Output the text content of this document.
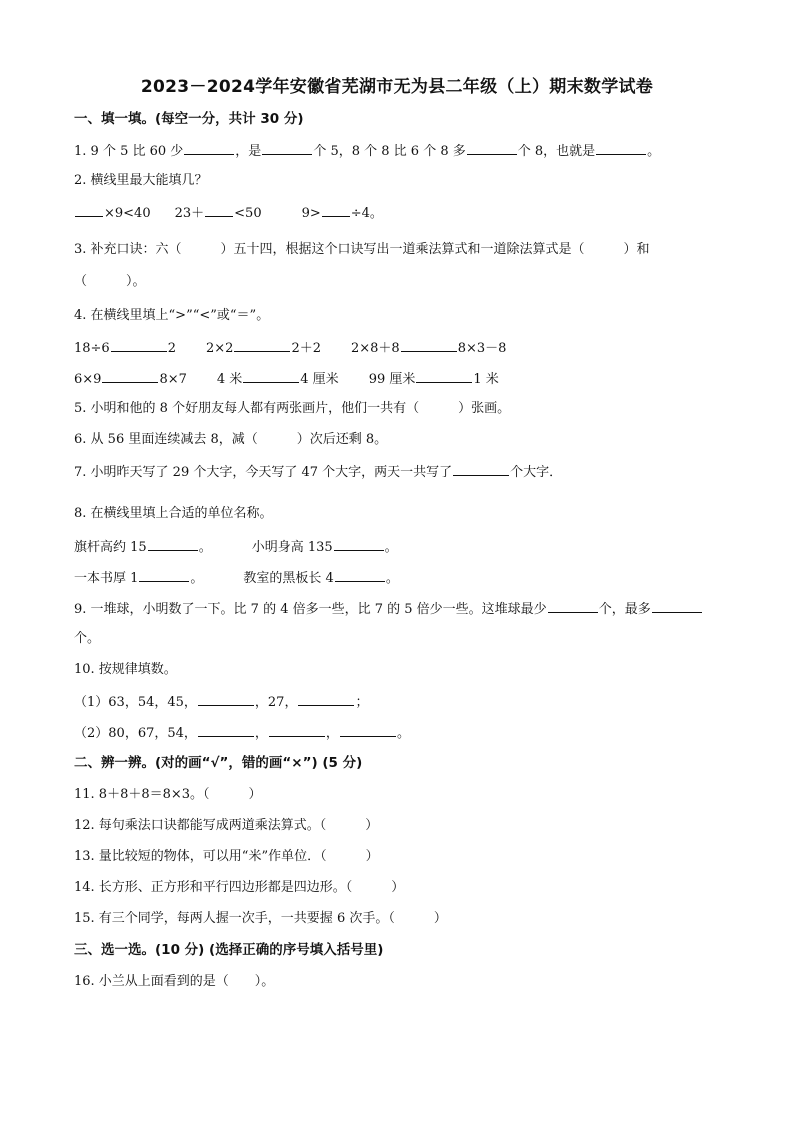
2023－2024学年安徽省芜湖市无为县二年级（上）期末数学试卷
一、填一填。(每空一分，共计 30 分)
1. 9 个 5 比 60 少	，是	个 5，8 个 8 比 6 个 8 多	个 8，也就是	。
2. 横线里最大能填几？
×9<40 23＋ <50	9> ÷4。
3. 补充口诀：六（　　　）五十四，根据这个口诀写出一道乘法算式和一道除法算式是（　　　）和
（　　　）。
4. 在横线里填上“>”“<”或“＝”。
18÷6	2 2×2	2＋2 2×8＋8	8×3－8
6×9	8×7 4 米	4 厘米 99 厘米	1 米
5. 小明和他的 8 个好朋友每人都有两张画片，他们一共有（　　　）张画。
6. 从 56 里面连续减去 8，减（　　　）次后还剩 8。
7. 小明昨天写了 29 个大字，今天写了 47 个大字，两天一共写了	个大字．
8. 在横线里填上合适的单位名称。
旗杆高约 15	。	小明身高 135	。
一本书厚 1	。	教室的黑板长 4	。
9. 一堆球，小明数了一下。比 7 的 4 倍多一些，比 7 的 5 倍少一些。这堆球最少	个，最多
个。
10. 按规律填数。
（1）63，54，45，	，27，	；
（2）80，67，54，	，	，	。
二、辨一辨。(对的画“√”，错的画“×”) (5 分)
11. 8＋8＋8＝8×3。（　　　）
12. 每句乘法口诀都能写成两道乘法算式。（　　　）
13. 量比较短的物体，可以用“米”作单位．（　　　）
14. 长方形、正方形和平行四边形都是四边形。（　　　）
15. 有三个同学，每两人握一次手，一共要握 6 次手。（　　　）
三、选一选。(10 分) (选择正确的序号填入括号里)
16. 小兰从上面看到的是（　　）。
